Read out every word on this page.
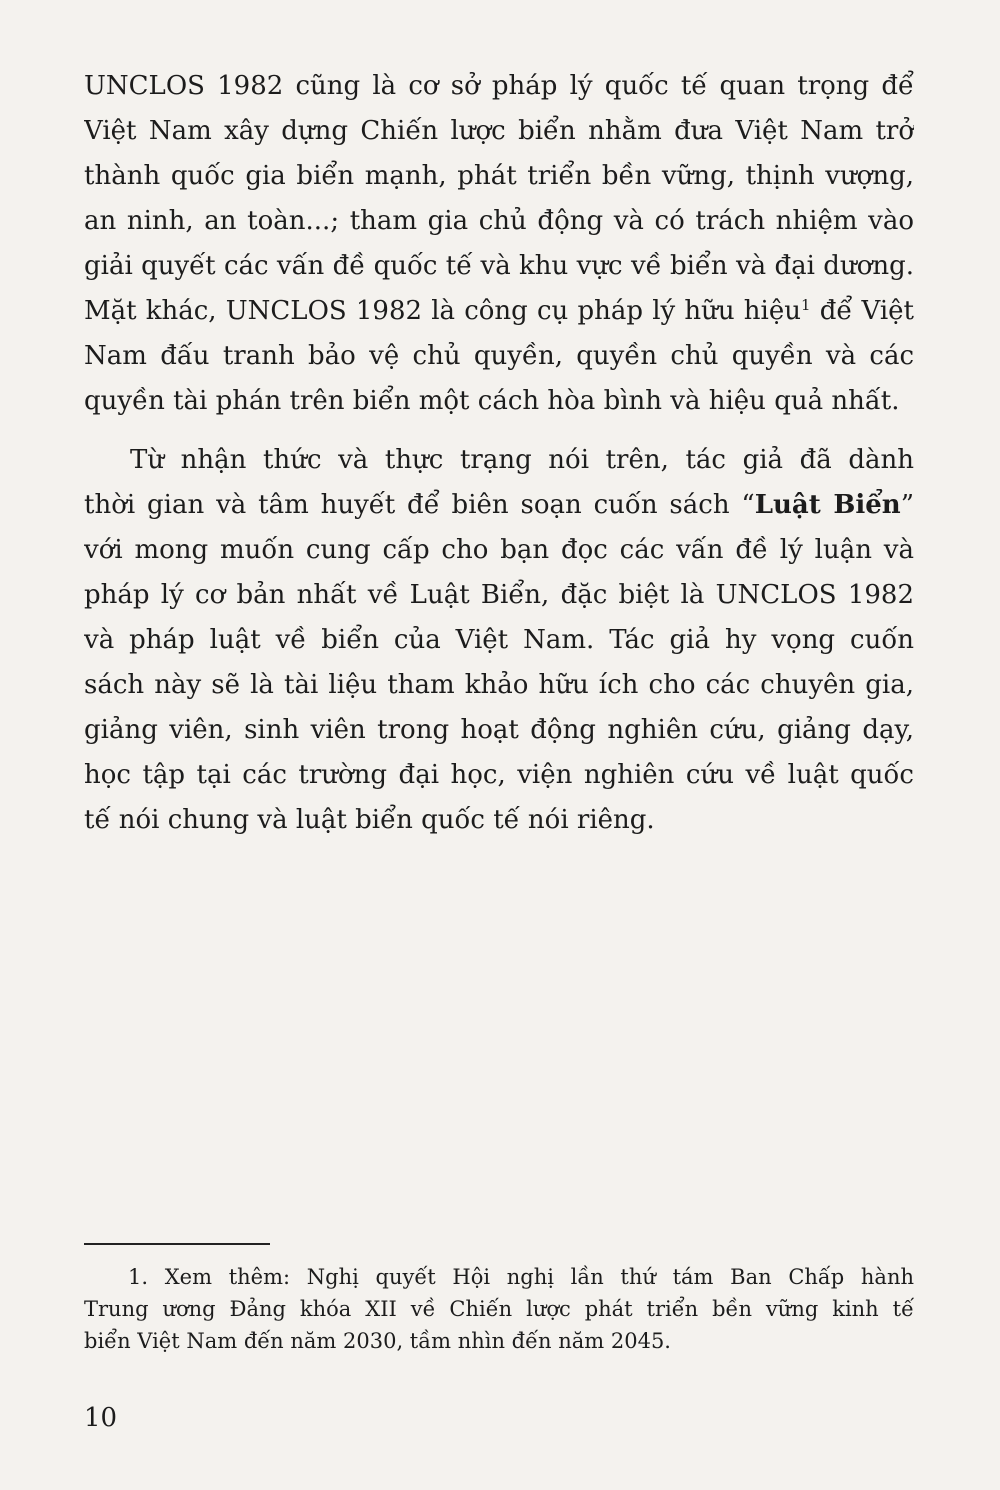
UNCLOS 1982 cũng là cơ sở pháp lý quốc tế quan trọng để
Việt Nam xây dựng Chiến lược biển nhằm đưa Việt Nam trở
thành quốc gia biển mạnh, phát triển bền vững, thịnh vượng,
an ninh, an toàn...; tham gia chủ động và có trách nhiệm vào
giải quyết các vấn đề quốc tế và khu vực về biển và đại dương.
Mặt khác, UNCLOS 1982 là công cụ pháp lý hữu hiệu$^1$ để Việt
Nam đấu tranh bảo vệ chủ quyền, quyền chủ quyền và các
quyền tài phán trên biển một cách hòa bình và hiệu quả nhất.
Từ nhận thức và thực trạng nói trên, tác giả đã dành
thời gian và tâm huyết để biên soạn cuốn sách “Luật Biển”
với mong muốn cung cấp cho bạn đọc các vấn đề lý luận và
pháp lý cơ bản nhất về Luật Biển, đặc biệt là UNCLOS 1982
và pháp luật về biển của Việt Nam. Tác giả hy vọng cuốn
sách này sẽ là tài liệu tham khảo hữu ích cho các chuyên gia,
giảng viên, sinh viên trong hoạt động nghiên cứu, giảng dạy,
học tập tại các trường đại học, viện nghiên cứu về luật quốc
tế nói chung và luật biển quốc tế nói riêng.
1. Xem thêm: Nghị quyết Hội nghị lần thứ tám Ban Chấp hành
Trung ương Đảng khóa XII về Chiến lược phát triển bền vững kinh tế
biển Việt Nam đến năm 2030, tầm nhìn đến năm 2045.
10
